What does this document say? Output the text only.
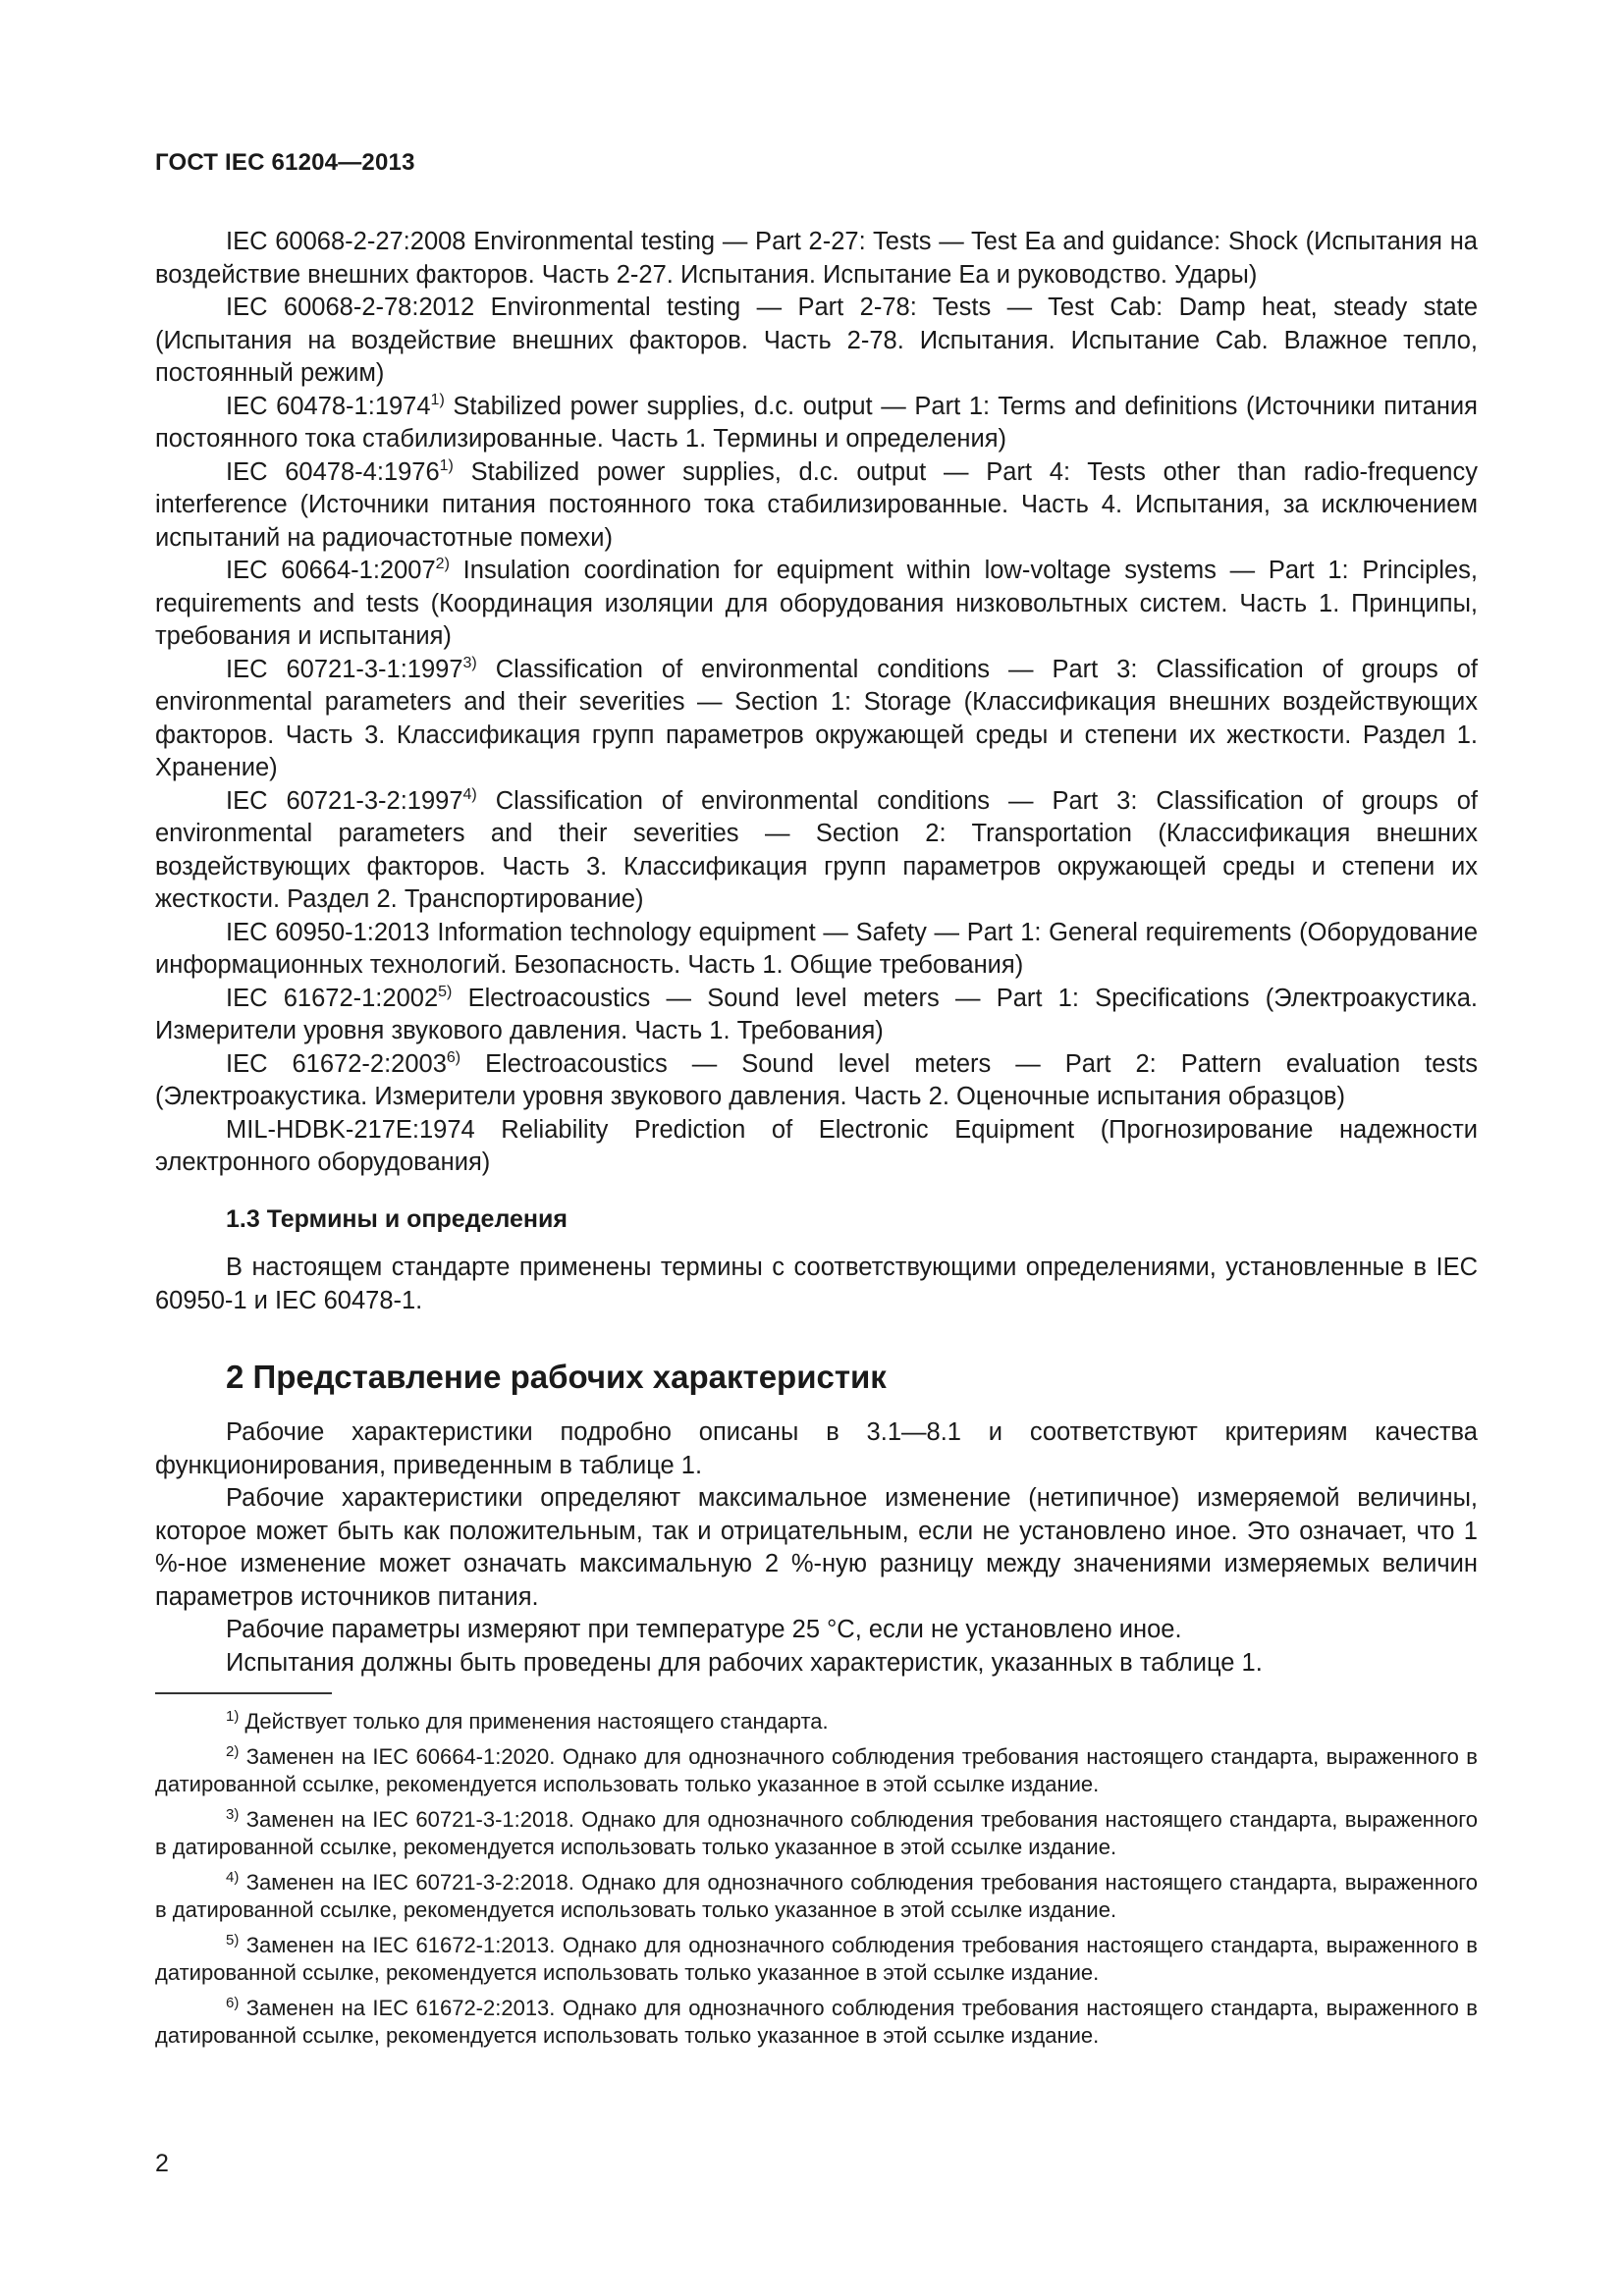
ГОСТ IEC 61204—2013

IEC 60068-2-27:2008 Environmental testing — Part 2-27: Tests — Test Ea and guidance: Shock (Испытания на воздействие внешних факторов. Часть 2-27. Испытания. Испытание Ea и руководство. Удары)

IEC 60068-2-78:2012 Environmental testing — Part 2-78: Tests — Test Cab: Damp heat, steady state (Испытания на воздействие внешних факторов. Часть 2-78. Испытания. Испытание Cab. Влажное тепло, постоянный режим)

IEC 60478-1:1974$^{1)}$ Stabilized power supplies, d.c. output — Part 1: Terms and definitions (Источники питания постоянного тока стабилизированные. Часть 1. Термины и определения)

IEC 60478-4:1976$^{1)}$ Stabilized power supplies, d.c. output — Part 4: Tests other than radio-frequency interference (Источники питания постоянного тока стабилизированные. Часть 4. Испытания, за исключением испытаний на радиочастотные помехи)

IEC 60664-1:2007$^{2)}$ Insulation coordination for equipment within low-voltage systems — Part 1: Principles, requirements and tests (Координация изоляции для оборудования низковольтных систем. Часть 1. Принципы, требования и испытания)

IEC 60721-3-1:1997$^{3)}$ Classification of environmental conditions — Part 3: Classification of groups of environmental parameters and their severities — Section 1: Storage (Классификация внешних воздействующих факторов. Часть 3. Классификация групп параметров окружающей среды и степени их жесткости. Раздел 1. Хранение)

IEC 60721-3-2:1997$^{4)}$ Classification of environmental conditions — Part 3: Classification of groups of environmental parameters and their severities — Section 2: Transportation (Классификация внешних воздействующих факторов. Часть 3. Классификация групп параметров окружающей среды и степени их жесткости. Раздел 2. Транспортирование)

IEC 60950-1:2013 Information technology equipment — Safety — Part 1: General requirements (Оборудование информационных технологий. Безопасность. Часть 1. Общие требования)

IEC 61672-1:2002$^{5)}$ Electroacoustics — Sound level meters — Part 1: Specifications (Электроакустика. Измерители уровня звукового давления. Часть 1. Требования)

IEC 61672-2:2003$^{6)}$ Electroacoustics — Sound level meters — Part 2: Pattern evaluation tests (Электроакустика. Измерители уровня звукового давления. Часть 2. Оценочные испытания образцов)

MIL-HDBK-217E:1974 Reliability Prediction of Electronic Equipment (Прогнозирование надежности электронного оборудования)

1.3 Термины и определения

В настоящем стандарте применены термины с соответствующими определениями, установленные в IEC 60950-1 и IEC 60478-1.

2 Представление рабочих характеристик

Рабочие характеристики подробно описаны в 3.1—8.1 и соответствуют критериям качества функционирования, приведенным в таблице 1.

Рабочие характеристики определяют максимальное изменение (нетипичное) измеряемой величины, которое может быть как положительным, так и отрицательным, если не установлено иное. Это означает, что 1 %-ное изменение может означать максимальную 2 %-ную разницу между значениями измеряемых величин параметров источников питания.

Рабочие параметры измеряют при температуре 25 °С, если не установлено иное.

Испытания должны быть проведены для рабочих характеристик, указанных в таблице 1.

$^{1)}$ Действует только для применения настоящего стандарта.

$^{2)}$ Заменен на IEC 60664-1:2020. Однако для однозначного соблюдения требования настоящего стандарта, выраженного в датированной ссылке, рекомендуется использовать только указанное в этой ссылке издание.

$^{3)}$ Заменен на IEC 60721-3-1:2018. Однако для однозначного соблюдения требования настоящего стандарта, выраженного в датированной ссылке, рекомендуется использовать только указанное в этой ссылке издание.

$^{4)}$ Заменен на IEC 60721-3-2:2018. Однако для однозначного соблюдения требования настоящего стандарта, выраженного в датированной ссылке, рекомендуется использовать только указанное в этой ссылке издание.

$^{5)}$ Заменен на IEC 61672-1:2013. Однако для однозначного соблюдения требования настоящего стандарта, выраженного в датированной ссылке, рекомендуется использовать только указанное в этой ссылке издание.

$^{6)}$ Заменен на IEC 61672-2:2013. Однако для однозначного соблюдения требования настоящего стандарта, выраженного в датированной ссылке, рекомендуется использовать только указанное в этой ссылке издание.

2
